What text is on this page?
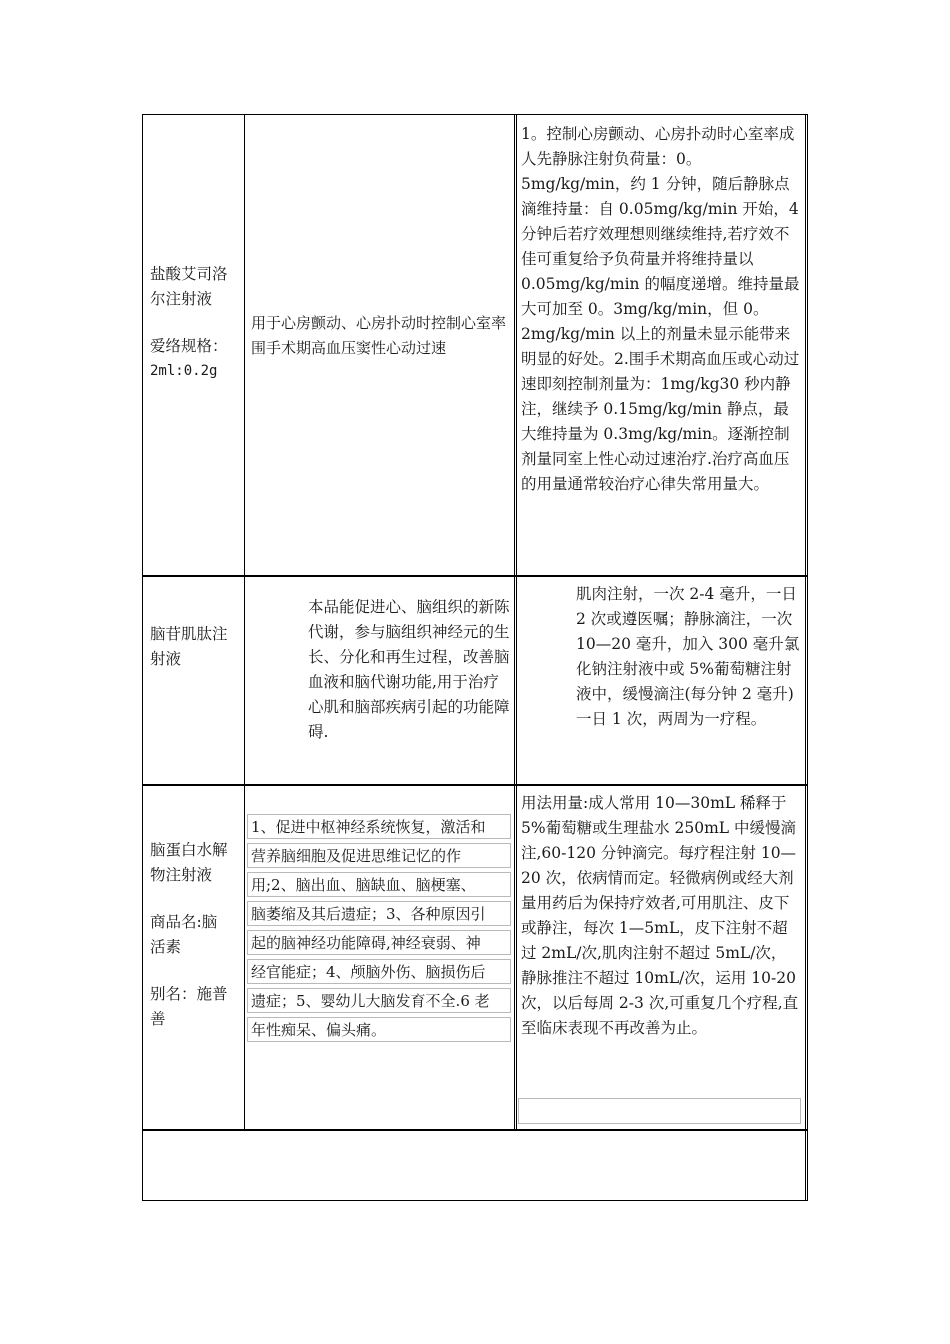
盐酸艾司洛

尔注射液

爱络规格：

2ml:0.2g

用于心房颤动、心房扑动时控制心室率围手术期高血压窦性心动过速
1。控制心房颤动、心房扑动时心室率成人先静脉注射负荷量：0。5mg/kg/min，约 1 分钟，随后静脉点滴维持量：自 0.05mg/kg/min 开始，4 分钟后若疗效理想则继续维持,若疗效不佳可重复给予负荷量并将维持量以 0.05mg/kg/min 的幅度递增。维持量最大可加至 0。3mg/kg/min，但 0。2mg/kg/min 以上的剂量未显示能带来明显的好处。2.围手术期高血压或心动过速即刻控制剂量为：1mg/kg30 秒内静注，继续予 0.15mg/kg/min 静点，最大维持量为 0.3mg/kg/min。逐渐控制剂量同室上性心动过速治疗.治疗高血压的用量通常较治疗心律失常用量大。

脑苷肌肽注

射液

本品能促进心、脑组织的新陈代谢，参与脑组织神经元的生长、分化和再生过程，改善脑血液和脑代谢功能,用于治疗心肌和脑部疾病引起的功能障碍.
肌肉注射，一次 2-4 毫升，一日 2 次或遵医嘱；静脉滴注，一次 10—20 毫升，加入 300 毫升氯化钠注射液中或 5%葡萄糖注射液中，缓慢滴注(每分钟 2 毫升)一日 1 次，两周为一疗程。

脑蛋白水解

物注射液

商品名:脑

活素

别名：施普

善

1、促进中枢神经系统恢复，激活和
营养脑细胞及促进思维记忆的作
用;2、脑出血、脑缺血、脑梗塞、
脑萎缩及其后遗症；3、各种原因引
起的脑神经功能障碍,神经衰弱、神
经官能症；4、颅脑外伤、脑损伤后
遗症；5、婴幼儿大脑发育不全.6 老
年性痴呆、偏头痛。
用法用量:成人常用 10—30mL 稀释于 5%葡萄糖或生理盐水 250mL 中缓慢滴注,60-120 分钟滴完。每疗程注射 10—20 次，依病情而定。轻微病例或经大剂量用药后为保持疗效者,可用肌注、皮下或静注，每次 1—5mL，皮下注射不超过 2mL/次,肌肉注射不超过 5mL/次，静脉推注不超过 10mL/次，运用 10-20 次，以后每周 2-3 次,可重复几个疗程,直至临床表现不再改善为止。
